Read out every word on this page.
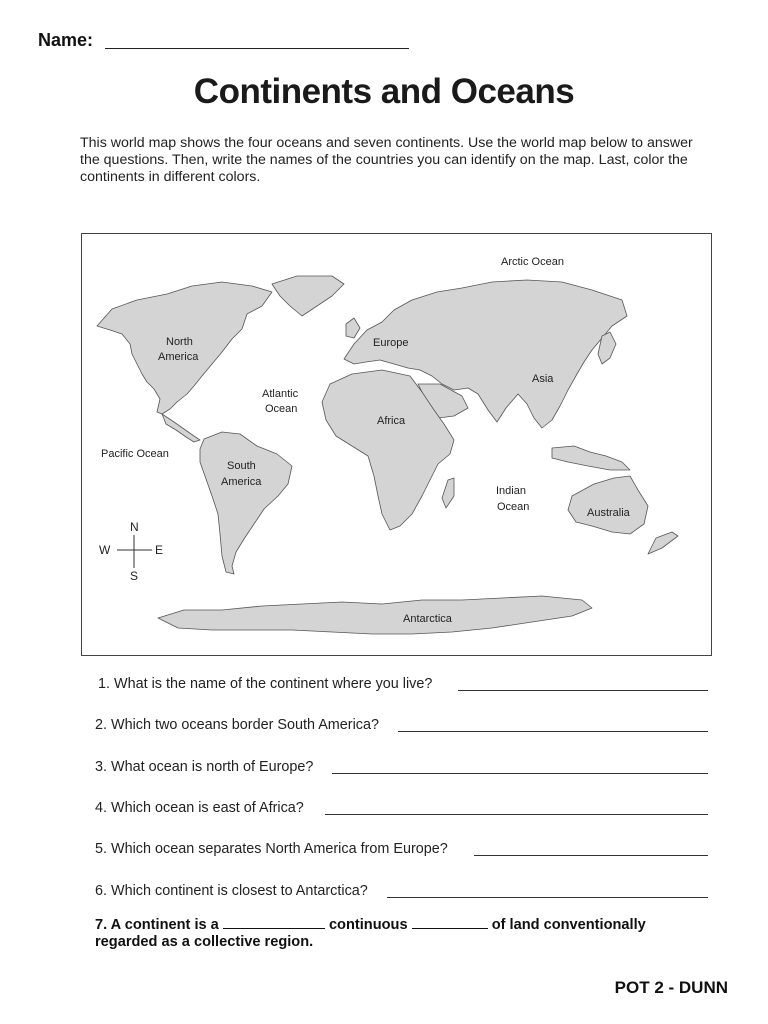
Name:
Continents and Oceans
This world map shows the four oceans and seven continents. Use the world map below to answer the questions. Then, write the names of the countries you can identify on the map. Last, color the continents in different colors.
Arctic Ocean
North
America
Europe
Asia
Atlantic
Ocean
Africa
Pacific Ocean
South
America
Indian
Ocean	Australia
Antarctica
N
S
W	E
1. What is the name of the continent where you live?
2. Which two oceans border South America?
3. What ocean is north of Europe?
4. Which ocean is east of Africa?
5. Which ocean separates North America from Europe?
6. Which continent is closest to Antarctica?
7. A continent is a	continuous	of land conventionally regarded as a collective region.
POT 2 - DUNN
